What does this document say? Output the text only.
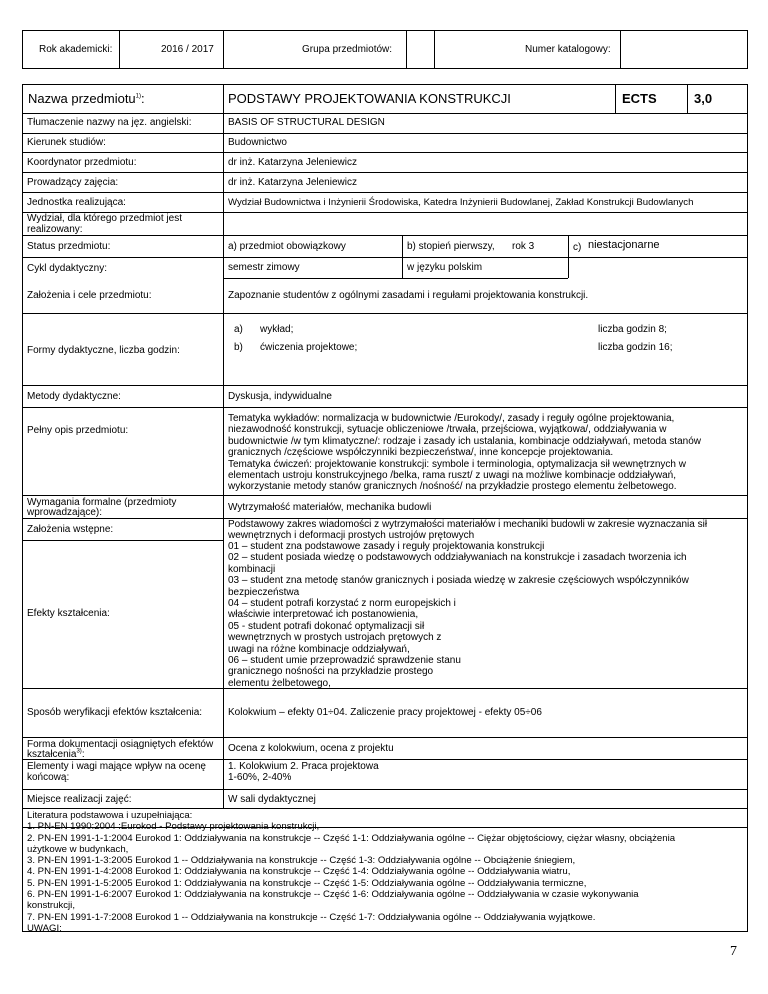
Rok akademicki:	2016 / 2017	Grupa przedmiotów:	Numer katalogowy:
Nazwa przedmiotu$^{1)}$:	PODSTAWY PROJEKTOWANIA KONSTRUKCJI	ECTS	3,0
Tłumaczenie nazwy na jęz. angielski:	BASIS OF STRUCTURAL DESIGN
Kierunek studiów:	Budownictwo
Koordynator przedmiotu:	dr inż. Katarzyna Jeleniewicz
Prowadzący zajęcia:	dr inż. Katarzyna Jeleniewicz
Jednostka realizująca:	Wydział Budownictwa i Inżynierii Środowiska, Katedra Inżynierii Budowlanej, Zakład Konstrukcji Budowlanych
Wydział, dla którego przedmiot jest
realizowany:
Status przedmiotu:	a) przedmiot obowiązkowy	b) stopień pierwszy, rok 3	c) niestacjonarne
Cykl dydaktyczny:	semestr zimowy	w języku polskim
Założenia i cele przedmiotu:	Zapoznanie studentów z ogólnymi zasadami i regułami projektowania konstrukcji.
Formy dydaktyczne, liczba godzin:
a) wykład;	liczba godzin 8;
b) ćwiczenia projektowe;	liczba godzin 16;
Metody dydaktyczne:	Dyskusja, indywidualne
Pełny opis przedmiotu:
Tematyka wykładów: normalizacja w budownictwie /Eurokody/, zasady i reguły ogólne projektowania,
niezawodność konstrukcji, sytuacje obliczeniowe /trwała, przejściowa, wyjątkowa/, oddziaływania w
budownictwie /w tym klimatyczne/: rodzaje i zasady ich ustalania, kombinacje oddziaływań, metoda stanów
granicznych /częściowe współczynniki bezpieczeństwa/, inne koncepcje projektowania.
Tematyka ćwiczeń: projektowanie konstrukcji: symbole i terminologia, optymalizacja sił wewnętrznych w
elementach ustroju konstrukcyjnego /belka, rama ruszt/ z uwagi na możliwe kombinacje oddziaływań,
wykorzystanie metody stanów granicznych /nośność/ na przykładzie prostego elementu żelbetowego.
Wymagania formalne (przedmioty
wprowadzające):	Wytrzymałość materiałów, mechanika budowli
Założenia wstępne:	Podstawowy zakres wiadomości z wytrzymałości materiałów i mechaniki budowli w zakresie wyznaczania sił
wewnętrznych i deformacji prostych ustrojów prętowych
Efekty kształcenia:
01 – student zna podstawowe zasady i reguły projektowania konstrukcji
02 – student posiada wiedzę o podstawowych oddziaływaniach na konstrukcje i zasadach tworzenia ich
kombinacji
03 – student zna metodę stanów granicznych i posiada wiedzę w zakresie częściowych współczynników
bezpieczeństwa
04 – student potrafi korzystać z norm europejskich i
właściwie interpretować ich postanowienia,
05 - student potrafi dokonać optymalizacji sił
wewnętrznych w prostych ustrojach prętowych z
uwagi na różne kombinacje oddziaływań,
06 – student umie przeprowadzić sprawdzenie stanu
granicznego nośności na przykładzie prostego
elementu żelbetowego,
Sposób weryfikacji efektów kształcenia:	Kolokwium – efekty 01÷04. Zaliczenie pracy projektowej - efekty 05÷06
Forma dokumentacji osiągniętych efektów
kształcenia$^{3)}$:
Ocena z kolokwium, ocena z projektu
Elementy i wagi mające wpływ na ocenę
końcową:
1. Kolokwium 2. Praca projektowa
1-60%, 2-40%
Miejsce realizacji zajęć:	W sali dydaktycznej
Literatura podstawowa i uzupełniająca:
1. PN-EN 1990:2004 :Eurokod - Podstawy projektowania konstrukcji,
2. PN-EN 1991-1-1:2004 Eurokod 1: Oddziaływania na konstrukcje -- Część 1-1: Oddziaływania ogólne -- Ciężar objętościowy, ciężar własny, obciążenia
użytkowe w budynkach,
3. PN-EN 1991-1-3:2005 Eurokod 1 -- Oddziaływania na konstrukcje -- Część 1-3: Oddziaływania ogólne -- Obciążenie śniegiem,
4. PN-EN 1991-1-4:2008 Eurokod 1: Oddziaływania na konstrukcje -- Część 1-4: Oddziaływania ogólne -- Oddziaływania wiatru,
5. PN-EN 1991-1-5:2005 Eurokod 1: Oddziaływania na konstrukcje -- Część 1-5: Oddziaływania ogólne -- Oddziaływania termiczne,
6. PN-EN 1991-1-6:2007 Eurokod 1: Oddziaływania na konstrukcje -- Część 1-6: Oddziaływania ogólne -- Oddziaływania w czasie wykonywania
konstrukcji,
7. PN-EN 1991-1-7:2008 Eurokod 1 -- Oddziaływania na konstrukcje -- Część 1-7: Oddziaływania ogólne -- Oddziaływania wyjątkowe.
UWAGI:
7
